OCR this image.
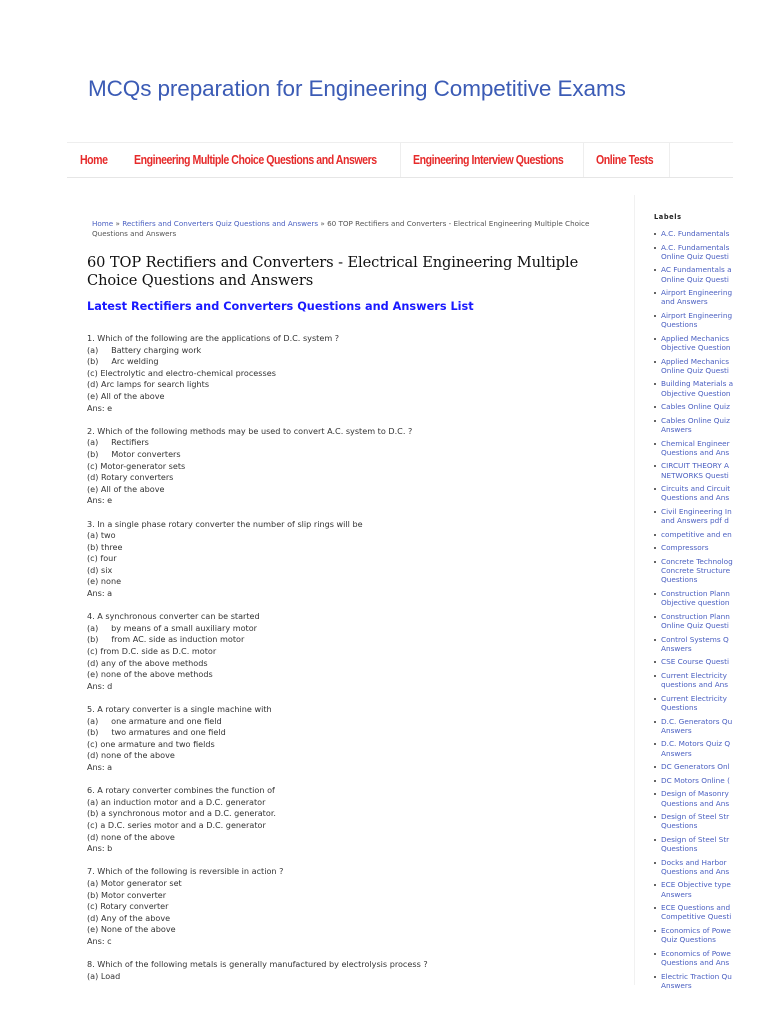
MCQs preparation for Engineering Competitive Exams
Home Engineering Multiple Choice Questions and Answers	Engineering Interview Questions	Online Tests
Home » Rectifiers and Converters Quiz Questions and Answers » 60 TOP Rectifiers and Converters - Electrical Engineering Multiple Choice Questions and Answers
60 TOP Rectifiers and Converters - Electrical Engineering Multiple Choice Questions and Answers
Latest Rectifiers and Converters Questions and Answers List
1. Which of the following are the applications of D.C. system ?
(a)     Battery charging work
(b)     Arc welding
(c) Electrolytic and electro-chemical processes
(d) Arc lamps for search lights
(e) All of the above
Ans: e
2. Which of the following methods may be used to convert A.C. system to D.C. ?
(a)     Rectifiers
(b)     Motor converters
(c) Motor-generator sets
(d) Rotary converters
(e) All of the above
Ans: e
3. In a single phase rotary converter the number of slip rings will be
(a) two
(b) three
(c) four
(d) six
(e) none
Ans: a
4. A synchronous converter can be started
(a)     by means of a small auxiliary motor
(b)     from AC. side as induction motor
(c) from D.C. side as D.C. motor
(d) any of the above methods
(e) none of the above methods
Ans: d
5. A rotary converter is a single machine with
(a)     one armature and one field
(b)     two armatures and one field
(c) one armature and two fields
(d) none of the above
Ans: a
6. A rotary converter combines the function of
(a) an induction motor and a D.C. generator
(b) a synchronous motor and a D.C. generator.
(c) a D.C. series motor and a D.C. generator
(d) none of the above
Ans: b
7. Which of the following is reversible in action ?
(a) Motor generator set
(b) Motor converter
(c) Rotary converter
(d) Any of the above
(e) None of the above
Ans: c
8. Which of the following metals is generally manufactured by electrolysis process ?
(a) Load
Labels
A.C. Fundamentals
A.C. Fundamentals
Online Quiz Questi
AC Fundamentals a
Online Quiz Questi
Airport Engineering
and Answers
Airport Engineering
Questions
Applied Mechanics
Objective Question
Applied Mechanics
Online Quiz Questi
Building Materials a
Objective Question
Cables Online Quiz
Cables Online Quiz
Answers
Chemical Engineer
Questions and Ans
CIRCUIT THEORY A
NETWORKS Questi
Circuits and Circuit
Questions and Ans
Civil Engineering In
and Answers pdf d
competitive and en
Compressors
Concrete Technolog
Concrete Structure
Questions
Construction Plann
Objective question
Construction Plann
Online Quiz Questi
Control Systems Q
Answers
CSE Course Questi
Current Electricity
questions and Ans
Current Electricity
Questions
D.C. Generators Qu
Answers
D.C. Motors Quiz Q
Answers
DC Generators Onl
DC Motors Online (
Design of Masonry
Questions and Ans
Design of Steel Str
Questions
Design of Steel Str
Questions
Docks and Harbor
Questions and Ans
ECE Objective type
Answers
ECE Questions and
Competitive Questi
Economics of Powe
Quiz Questions
Economics of Powe
Questions and Ans
Electric Traction Qu
Answers
